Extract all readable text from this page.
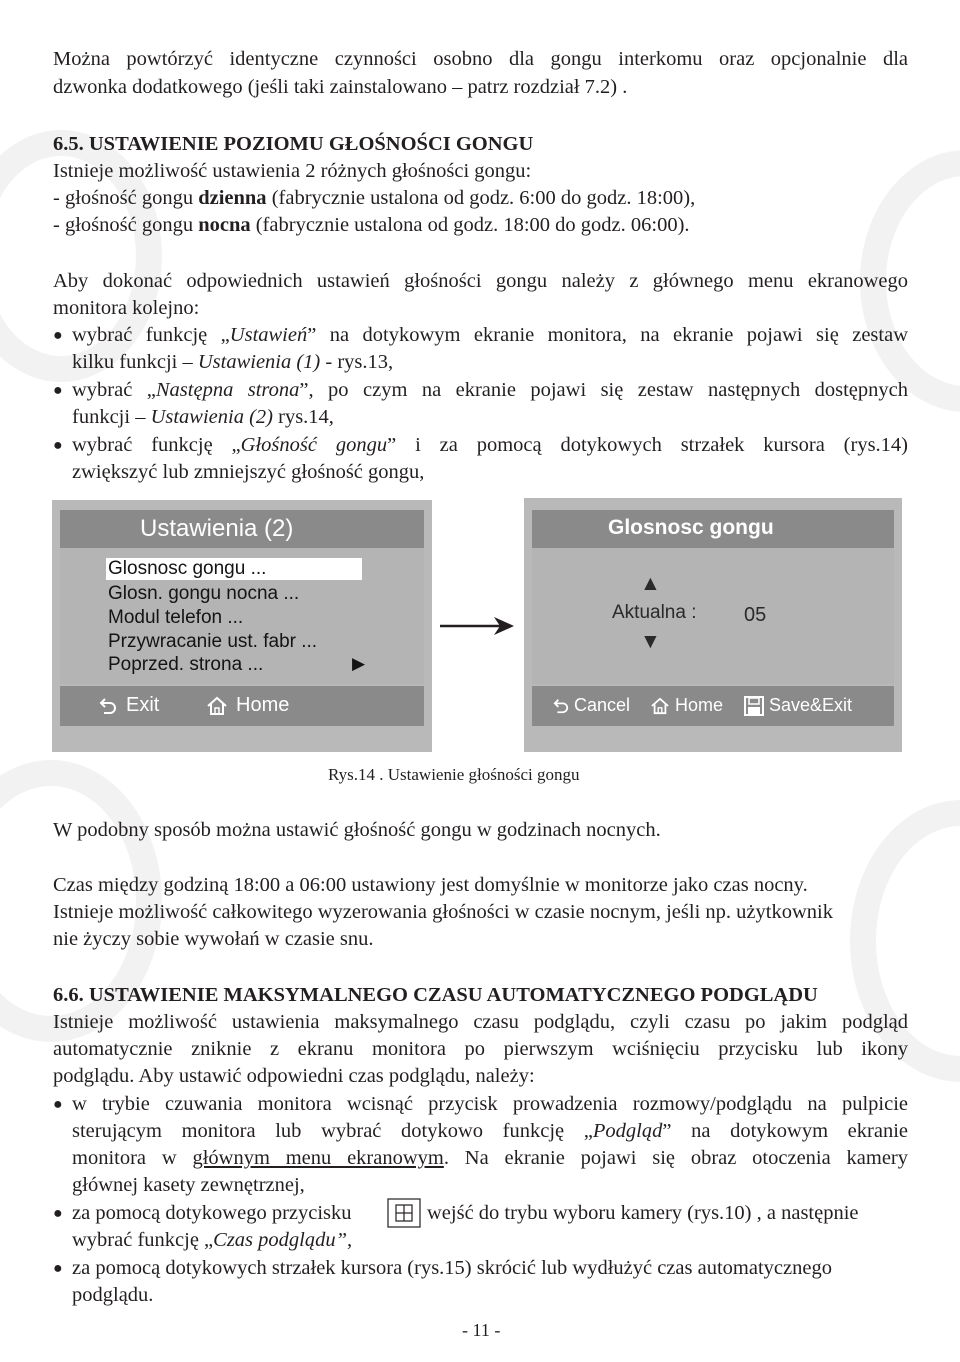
Można powtórzyć identyczne czynności osobno dla gongu interkomu oraz opcjonalnie dla
dzwonka dodatkowego (jeśli taki zainstalowano – patrz rozdział 7.2) .
6.5. USTAWIENIE POZIOMU GŁOŚNOŚCI GONGU
Istnieje możliwość ustawienia 2 różnych głośności gongu:
- głośność gongu dzienna (fabrycznie ustalona od godz. 6:00 do godz. 18:00),
- głośność gongu nocna (fabrycznie ustalona od godz. 18:00 do godz. 06:00).
Aby dokonać odpowiednich ustawień głośności gongu należy z głównego menu ekranowego
monitora kolejno:
● wybrać funkcję „Ustawień” na dotykowym ekranie monitora, na ekranie pojawi się zestaw
kilku funkcji – Ustawienia (1) - rys.13,
● wybrać „Następna strona”, po czym na ekranie pojawi się zestaw następnych dostępnych
funkcji – Ustawienia (2) rys.14,
● wybrać funkcję „Głośność gongu” i za pomocą dotykowych strzałek kursora (rys.14)
zwiększyć lub zmniejszyć głośność gongu,
Ustawienia (2)
Glosnosc gongu ...
Glosn. gongu nocna ...
Modul telefon ...
Przywracanie ust. fabr ...
Poprzed. strona ...	▶
Exit	Home
Glosnosc gongu
▲
Aktualna : 05
▼
Cancel Home	Save&Exit
Rys.14 . Ustawienie głośności gongu
W podobny sposób można ustawić głośność gongu w godzinach nocnych.
Czas między godziną 18:00 a 06:00 ustawiony jest domyślnie w monitorze jako czas nocny.
Istnieje możliwość całkowitego wyzerowania głośności w czasie nocnym, jeśli np. użytkownik
nie życzy sobie wywołań w czasie snu.
6.6. USTAWIENIE MAKSYMALNEGO CZASU AUTOMATYCZNEGO PODGLĄDU
Istnieje możliwość ustawienia maksymalnego czasu podglądu, czyli czasu po jakim podgląd
automatycznie zniknie z ekranu monitora po pierwszym wciśnięciu przycisku lub ikony
podglądu. Aby ustawić odpowiedni czas podglądu, należy:
● w trybie czuwania monitora wcisnąć przycisk prowadzenia rozmowy/podglądu na pulpicie
sterującym monitora lub wybrać dotykowo funkcję „Podgląd” na dotykowym ekranie
monitora w głównym menu ekranowym. Na ekranie pojawi się obraz otoczenia kamery
głównej kasety zewnętrznej,
● za pomocą dotykowego przycisku	wejść do trybu wyboru kamery (rys.10) , a następnie
wybrać funkcję „Czas podglądu”,
● za pomocą dotykowych strzałek kursora (rys.15) skrócić lub wydłużyć czas automatycznego
podglądu.
- 11 -
